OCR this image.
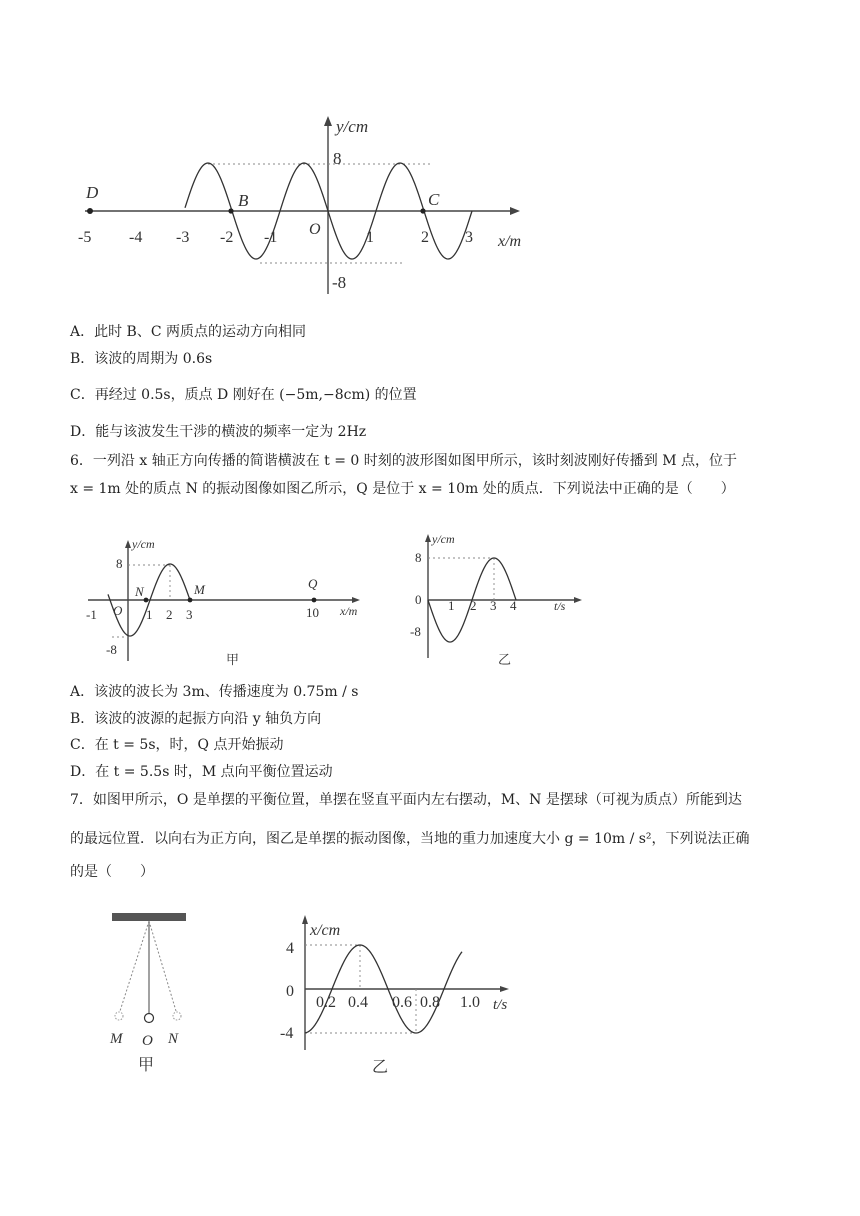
y/cm
x/m
8
-8
-5 -4 -3 -2 -1 O	1	2 3
D	B	C
A．此时 B、C 两质点的运动方向相同
B．该波的周期为 0.6s
C．再经过 0.5s，质点 D 刚好在 (−5m,−8cm) 的位置
D．能与该波发生干涉的横波的频率一定为 2Hz
6．一列沿 x 轴正方向传播的简谐横波在 t = 0 时刻的波形图如图甲所示，该时刻波刚好传播到 M 点，位于
x = 1m 处的质点 N 的振动图像如图乙所示，Q 是位于 x = 10m 处的质点．下列说法中正确的是（　　）
y/cm
x/m
8
-8
-1 O 1 2 3	10
N	M	Q
甲
y/cm
t/s
8
0
-8
1 2 3 4
乙
A．该波的波长为 3m、传播速度为 0.75m / s
B．该波的波源的起振方向沿 y 轴负方向
C．在 t = 5s，时，Q 点开始振动
D．在 t = 5.5s 时，M 点向平衡位置运动
7．如图甲所示，O 是单摆的平衡位置，单摆在竖直平面内左右摆动，M、N 是摆球（可视为质点）所能到达
的最远位置．以向右为正方向，图乙是单摆的振动图像，当地的重力加速度大小 g = 10m / s²，下列说法正确
的是（　　）
M O N
甲
x/cm
t/s
4
0
-4
0.2 0.4 0.6 0.8 1.0
乙
